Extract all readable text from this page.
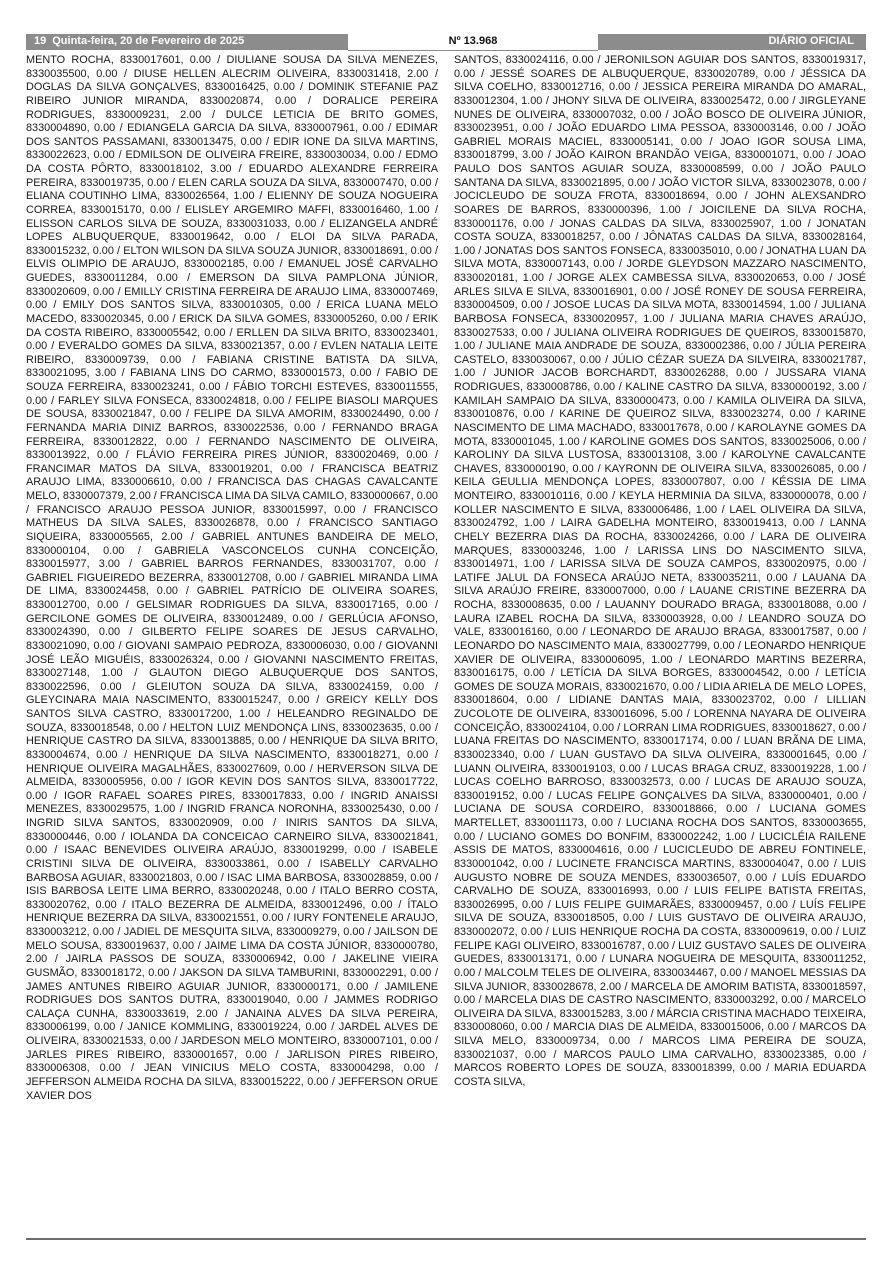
19 Quinta-feira, 20 de Fevereiro de 2025	Nº 13.968	DIÁRIO OFICIAL

MENTO ROCHA, 8330017601, 0.00 / DIULIANE SOUSA DA SILVA MENEZES, 8330035500, 0.00 / DIUSE HELLEN ALECRIM OLIVEIRA, 8330031418, 2.00 / DOGLAS DA SILVA GONÇALVES, 8330016425, 0.00 / DOMINIK STEFANIE PAZ RIBEIRO JUNIOR MIRANDA, 8330020874, 0.00 / DORALICE PEREIRA RODRIGUES, 8330009231, 2.00 / DULCE LETICIA DE BRITO GOMES, 8330004890, 0.00 / EDIANGELA GARCIA DA SILVA, 8330007961, 0.00 / EDIMAR DOS SANTOS PASSAMANI, 8330013475, 0.00 / EDIR IONE DA SILVA MARTINS, 8330022623, 0.00 / EDMILSON DE OLIVEIRA FREIRE, 8330030034, 0.00 / EDMO DA COSTA PÔRTO, 8330018102, 3.00 / EDUARDO ALEXANDRE FERREIRA PEREIRA, 8330019735, 0.00 / ELEN CARLA SOUZA DA SILVA, 8330007470, 0.00 / ELIANA COUTINHO LIMA, 8330026564, 1.00 / ELIENNY DE SOUZA NOGUEIRA CORREA, 8330015170, 0.00 / ELISLEY ARGEMIRO MAFFI, 8330016460, 1.00 / ELISSON CARLOS SILVA DE SOUZA, 8330031033, 0.00 / ELIZANGELA ANDRÉ LOPES ALBUQUERQUE, 8330019642, 0.00 / ELOI DA SILVA PARADA, 8330015232, 0.00 / ELTON WILSON DA SILVA SOUZA JUNIOR, 8330018691, 0.00 / ELVIS OLIMPIO DE ARAUJO, 8330002185, 0.00 / EMANUEL JOSÉ CARVALHO GUEDES, 8330011284, 0.00 / EMERSON DA SILVA PAMPLONA JÚNIOR, 8330020609, 0.00 / EMILLY CRISTINA FERREIRA DE ARAUJO LIMA, 8330007469, 0.00 / EMILY DOS SANTOS SILVA, 8330010305, 0.00 / ERICA LUANA MELO MACEDO, 8330020345, 0.00 / ERICK DA SILVA GOMES, 8330005260, 0.00 / ERIK DA COSTA RIBEIRO, 8330005542, 0.00 / ERLLEN DA SILVA BRITO, 8330023401, 0.00 / EVERALDO GOMES DA SILVA, 8330021357, 0.00 / EVLEN NATALIA LEITE RIBEIRO, 8330009739, 0.00 / FABIANA CRISTINE BATISTA DA SILVA, 8330021095, 3.00 / FABIANA LINS DO CARMO, 8330001573, 0.00 / FABIO DE SOUZA FERREIRA, 8330023241, 0.00 / FÁBIO TORCHI ESTEVES, 8330011555, 0.00 / FARLEY SILVA FONSECA, 8330024818, 0.00 / FELIPE BIASOLI MARQUES DE SOUSA, 8330021847, 0.00 / FELIPE DA SILVA AMORIM, 8330024490, 0.00 / FERNANDA MARIA DINIZ BARROS, 8330022536, 0.00 / FERNANDO BRAGA FERREIRA, 8330012822, 0.00 / FERNANDO NASCIMENTO DE OLIVEIRA, 8330013922, 0.00 / FLÁVIO FERREIRA PIRES JÚNIOR, 8330020469, 0.00 / FRANCIMAR MATOS DA SILVA, 8330019201, 0.00 / FRANCISCA BEATRIZ ARAUJO LIMA, 8330006610, 0.00 / FRANCISCA DAS CHAGAS CAVALCANTE MELO, 8330007379, 2.00 / FRANCISCA LIMA DA SILVA CAMILO, 8330000667, 0.00 / FRANCISCO ARAUJO PESSOA JUNIOR, 8330015997, 0.00 / FRANCISCO MATHEUS DA SILVA SALES, 8330026878, 0.00 / FRANCISCO SANTIAGO SIQUEIRA, 8330005565, 2.00 / GABRIEL ANTUNES BANDEIRA DE MELO, 8330000104, 0.00 / GABRIELA VASCONCELOS CUNHA CONCEIÇÃO, 8330015977, 3.00 / GABRIEL BARROS FERNANDES, 8330031707, 0.00 / GABRIEL FIGUEIREDO BEZERRA, 8330012708, 0.00 / GABRIEL MIRANDA LIMA DE LIMA, 8330024458, 0.00 / GABRIEL PATRÍCIO DE OLIVEIRA SOARES, 8330012700, 0.00 / GELSIMAR RODRIGUES DA SILVA, 8330017165, 0.00 / GERCILONE GOMES DE OLIVEIRA, 8330012489, 0.00 / GERLÚCIA AFONSO, 8330024390, 0.00 / GILBERTO FELIPE SOARES DE JESUS CARVALHO, 8330021090, 0.00 / GIOVANI SAMPAIO PEDROZA, 8330006030, 0.00 / GIOVANNI JOSÉ LEÃO MIGUÉIS, 8330026324, 0.00 / GIOVANNI NASCIMENTO FREITAS, 8330027148, 1.00 / GLAUTON DIEGO ALBUQUERQUE DOS SANTOS, 8330022596, 0.00 / GLEIUTON SOUZA DA SILVA, 8330024159, 0.00 / GLEYCINARA MAIA NASCIMENTO, 8330015247, 0.00 / GREICY KELLY DOS SANTOS SILVA CASTRO, 8330017200, 1.00 / HELEANDRO REGINALDO DE SOUZA, 8330018548, 0.00 / HELTON LUIZ MENDONÇA LINS, 8330023635, 0.00 / HENRIQUE CASTRO DA SILVA, 8330013885, 0.00 / HENRIQUE DA SILVA BRITO, 8330004674, 0.00 / HENRIQUE DA SILVA NASCIMENTO, 8330018271, 0.00 / HENRIQUE OLIVEIRA MAGALHÃES, 8330027609, 0.00 / HERVERSON SILVA DE ALMEIDA, 8330005956, 0.00 / IGOR KEVIN DOS SANTOS SILVA, 8330017722, 0.00 / IGOR RAFAEL SOARES PIRES, 8330017833, 0.00 / INGRID ANAISSI MENEZES, 8330029575, 1.00 / INGRID FRANCA NORONHA, 8330025430, 0.00 / INGRID SILVA SANTOS, 8330020909, 0.00 / INIRIS SANTOS DA SILVA, 8330000446, 0.00 / IOLANDA DA CONCEICAO CARNEIRO SILVA, 8330021841, 0.00 / ISAAC BENEVIDES OLIVEIRA ARAÚJO, 8330019299, 0.00 / ISABELE CRISTINI SILVA DE OLIVEIRA, 8330033861, 0.00 / ISABELLY CARVALHO BARBOSA AGUIAR, 8330021803, 0.00 / ISAC LIMA BARBOSA, 8330028859, 0.00 / ISIS BARBOSA LEITE LIMA BERRO, 8330020248, 0.00 / ITALO BERRO COSTA, 8330020762, 0.00 / ITALO BEZERRA DE ALMEIDA, 8330012496, 0.00 / ÍTALO HENRIQUE BEZERRA DA SILVA, 8330021551, 0.00 / IURY FONTENELE ARAUJO, 8330003212, 0.00 / JADIEL DE MESQUITA SILVA, 8330009279, 0.00 / JAILSON DE MELO SOUSA, 8330019637, 0.00 / JAIME LIMA DA COSTA JÚNIOR, 8330000780, 2.00 / JAIRLA PASSOS DE SOUZA, 8330006942, 0.00 / JAKELINE VIEIRA GUSMÃO, 8330018172, 0.00 / JAKSON DA SILVA TAMBURINI, 8330002291, 0.00 / JAMES ANTUNES RIBEIRO AGUIAR JUNIOR, 8330000171, 0.00 / JAMILENE RODRIGUES DOS SANTOS DUTRA, 8330019040, 0.00 / JAMMES RODRIGO CALAÇA CUNHA, 8330033619, 2.00 / JANAINA ALVES DA SILVA PEREIRA, 8330006199, 0.00 / JANICE KOMMLING, 8330019224, 0.00 / JARDEL ALVES DE OLIVEIRA, 8330021533, 0.00 / JARDESON MELO MONTEIRO, 8330007101, 0.00 / JARLES PIRES RIBEIRO, 8330001657, 0.00 / JARLISON PIRES RIBEIRO, 8330006308, 0.00 / JEAN VINICIUS MELO COSTA, 8330004298, 0.00 / JEFFERSON ALMEIDA ROCHA DA SILVA, 8330015222, 0.00 / JEFFERSON ORUE XAVIER DOS

SANTOS, 8330024116, 0.00 / JERONILSON AGUIAR DOS SANTOS, 8330019317, 0.00 / JESSÉ SOARES DE ALBUQUERQUE, 8330020789, 0.00 / JÉSSICA DA SILVA COELHO, 8330012716, 0.00 / JESSICA PEREIRA MIRANDA DO AMARAL, 8330012304, 1.00 / JHONY SILVA DE OLIVEIRA, 8330025472, 0.00 / JIRGLEYANE NUNES DE OLIVEIRA, 8330007032, 0.00 / JOÃO BOSCO DE OLIVEIRA JÚNIOR, 8330023951, 0.00 / JOÃO EDUARDO LIMA PESSOA, 8330003146, 0.00 / JOÃO GABRIEL MORAIS MACIEL, 8330005141, 0.00 / JOAO IGOR SOUSA LIMA, 8330018799, 3.00 / JOÃO KAIRON BRANDÃO VEIGA, 8330001071, 0.00 / JOAO PAULO DOS SANTOS AGUIAR SOUZA, 8330008599, 0.00 / JOÃO PAULO SANTANA DA SILVA, 8330021895, 0.00 / JOÃO VICTOR SILVA, 8330023078, 0.00 / JOCICLEUDO DE SOUZA FROTA, 8330018694, 0.00 / JOHN ALEXSANDRO SOARES DE BARROS, 8330000396, 1.00 / JOICILENE DA SILVA ROCHA, 8330001176, 0.00 / JONAS CALDAS DA SILVA, 8330025907, 1.00 / JONATAN COSTA SOUZA, 8330018257, 0.00 / JÔNATAS CALDAS DA SILVA, 8330028164, 1.00 / JONATAS DOS SANTOS FONSECA, 8330035010, 0.00 / JONATHA LUAN DA SILVA MOTA, 8330007143, 0.00 / JORDE GLEYDSON MAZZARO NASCIMENTO, 8330020181, 1.00 / JORGE ALEX CAMBESSA SILVA, 8330020653, 0.00 / JOSÉ ARLES SILVA E SILVA, 8330016901, 0.00 / JOSÉ RONEY DE SOUSA FERREIRA, 8330004509, 0.00 / JOSOE LUCAS DA SILVA MOTA, 8330014594, 1.00 / JULIANA BARBOSA FONSECA, 8330020957, 1.00 / JULIANA MARIA CHAVES ARAÚJO, 8330027533, 0.00 / JULIANA OLIVEIRA RODRIGUES DE QUEIROS, 8330015870, 1.00 / JULIANE MAIA ANDRADE DE SOUZA, 8330002386, 0.00 / JÚLIA PEREIRA CASTELO, 8330030067, 0.00 / JÚLIO CÉZAR SUEZA DA SILVEIRA, 8330021787, 1.00 / JUNIOR JACOB BORCHARDT, 8330026288, 0.00 / JUSSARA VIANA RODRIGUES, 8330008786, 0.00 / KALINE CASTRO DA SILVA, 8330000192, 3.00 / KAMILAH SAMPAIO DA SILVA, 8330000473, 0.00 / KAMILA OLIVEIRA DA SILVA, 8330010876, 0.00 / KARINE DE QUEIROZ SILVA, 8330023274, 0.00 / KARINE NASCIMENTO DE LIMA MACHADO, 8330017678, 0.00 / KAROLAYNE GOMES DA MOTA, 8330001045, 1.00 / KAROLINE GOMES DOS SANTOS, 8330025006, 0.00 / KAROLINY DA SILVA LUSTOSA, 8330013108, 3.00 / KAROLYNE CAVALCANTE CHAVES, 8330000190, 0.00 / KAYRONN DE OLIVEIRA SILVA, 8330026085, 0.00 / KEILA GEULLIA MENDONÇA LOPES, 8330007807, 0.00 / KÉSSIA DE LIMA MONTEIRO, 8330010116, 0.00 / KEYLA HERMINIA DA SILVA, 8330000078, 0.00 / KOLLER NASCIMENTO E SILVA, 8330006486, 1.00 / LAEL OLIVEIRA DA SILVA, 8330024792, 1.00 / LAIRA GADELHA MONTEIRO, 8330019413, 0.00 / LANNA CHELY BEZERRA DIAS DA ROCHA, 8330024266, 0.00 / LARA DE OLIVEIRA MARQUES, 8330003246, 1.00 / LARISSA LINS DO NASCIMENTO SILVA, 8330014971, 1.00 / LARISSA SILVA DE SOUZA CAMPOS, 8330020975, 0.00 / LATIFE JALUL DA FONSECA ARAÚJO NETA, 8330035211, 0.00 / LAUANA DA SILVA ARAÚJO FREIRE, 8330007000, 0.00 / LAUANE CRISTINE BEZERRA DA ROCHA, 8330008635, 0.00 / LAUANNY DOURADO BRAGA, 8330018088, 0.00 / LAURA IZABEL ROCHA DA SILVA, 8330003928, 0.00 / LEANDRO SOUZA DO VALE, 8330016160, 0.00 / LEONARDO DE ARAUJO BRAGA, 8330017587, 0.00 / LEONARDO DO NASCIMENTO MAIA, 8330027799, 0.00 / LEONARDO HENRIQUE XAVIER DE OLIVEIRA, 8330006095, 1.00 / LEONARDO MARTINS BEZERRA, 8330016175, 0.00 / LETÍCIA DA SILVA BORGES, 8330004542, 0.00 / LETÍCIA GOMES DE SOUZA MORAIS, 8330021670, 0.00 / LIDIA ARIELA DE MELO LOPES, 8330018604, 0.00 / LIDIANE DANTAS MAIA, 8330023702, 0.00 / LILLIAN ZUCOLOTE DE OLIVEIRA, 8330016096, 5.00 / LORENNA NAYARA DE OLIVEIRA CONCEIÇÃO, 8330024104, 0.00 / LORRAN LIMA RODRIGUES, 8330018627, 0.00 / LUANA FREITAS DO NASCIMENTO, 8330017174, 0.00 / LUAN BRÃNA DE LIMA, 8330023340, 0.00 / LUAN GUSTAVO DA SILVA OLIVEIRA, 8330001645, 0.00 / LUANN OLIVEIRA, 8330019103, 0.00 / LUCAS BRAGA CRUZ, 8330019228, 1.00 / LUCAS COELHO BARROSO, 8330032573, 0.00 / LUCAS DE ARAUJO SOUZA, 8330019152, 0.00 / LUCAS FELIPE GONÇALVES DA SILVA, 8330000401, 0.00 / LUCIANA DE SOUSA CORDEIRO, 8330018866, 0.00 / LUCIANA GOMES MARTELLET, 8330011173, 0.00 / LUCIANA ROCHA DOS SANTOS, 8330003655, 0.00 / LUCIANO GOMES DO BONFIM, 8330002242, 1.00 / LUCICLÉIA RAILENE ASSIS DE MATOS, 8330004616, 0.00 / LUCICLEUDO DE ABREU FONTINELE, 8330001042, 0.00 / LUCINETE FRANCISCA MARTINS, 8330004047, 0.00 / LUIS AUGUSTO NOBRE DE SOUZA MENDES, 8330036507, 0.00 / LUÍS EDUARDO CARVALHO DE SOUZA, 8330016993, 0.00 / LUIS FELIPE BATISTA FREITAS, 8330026995, 0.00 / LUIS FELIPE GUIMARÃES, 8330009457, 0.00 / LUÍS FELIPE SILVA DE SOUZA, 8330018505, 0.00 / LUIS GUSTAVO DE OLIVEIRA ARAUJO, 8330002072, 0.00 / LUIS HENRIQUE ROCHA DA COSTA, 8330009619, 0.00 / LUIZ FELIPE KAGI OLIVEIRO, 8330016787, 0.00 / LUIZ GUSTAVO SALES DE OLIVEIRA GUEDES, 8330013171, 0.00 / LUNARA NOGUEIRA DE MESQUITA, 8330011252, 0.00 / MALCOLM TELES DE OLIVEIRA, 8330034467, 0.00 / MANOEL MESSIAS DA SILVA JUNIOR, 8330028678, 2.00 / MARCELA DE AMORIM BATISTA, 8330018597, 0.00 / MARCELA DIAS DE CASTRO NASCIMENTO, 8330003292, 0.00 / MARCELO OLIVEIRA DA SILVA, 8330015283, 3.00 / MÁRCIA CRISTINA MACHADO TEIXEIRA, 8330008060, 0.00 / MARCIA DIAS DE ALMEIDA, 8330015006, 0.00 / MARCOS DA SILVA MELO, 8330009734, 0.00 / MARCOS LIMA PEREIRA DE SOUZA, 8330021037, 0.00 / MARCOS PAULO LIMA CARVALHO, 8330023385, 0.00 / MARCOS ROBERTO LOPES DE SOUZA, 8330018399, 0.00 / MARIA EDUARDA COSTA SILVA,
